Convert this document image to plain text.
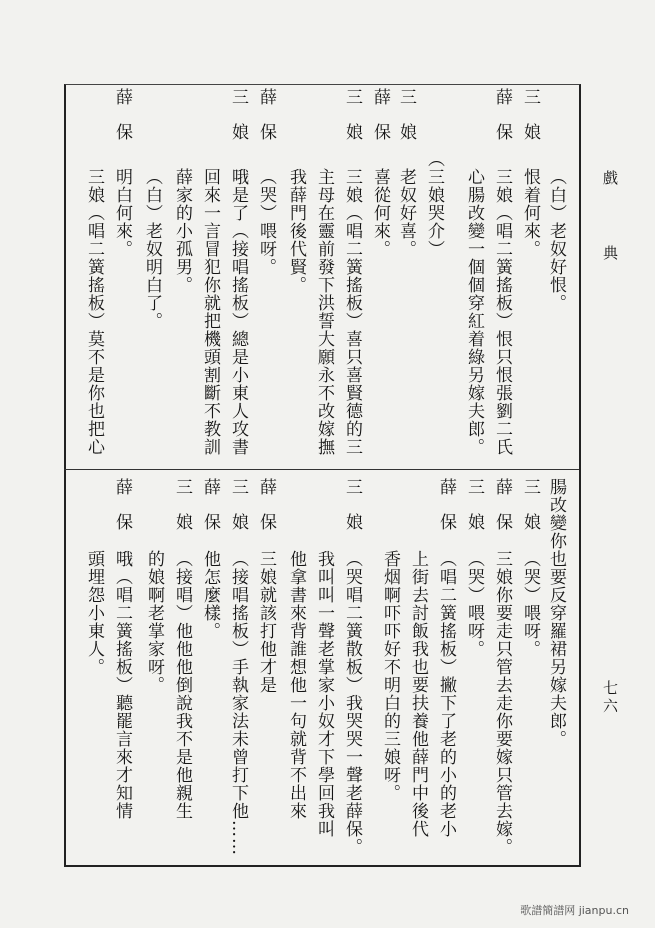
戲
典
七六
三娘
薛保
三娘
薛保
三娘
薛保
三娘
薛保
（白）老奴好恨。
恨着何來。
三娘（唱二簧搖板）恨只恨張劉二氏
心腸改變一個個穿紅着綠另嫁夫郎。
（三娘哭介）
老奴好喜。
喜從何來。
三娘（唱二簧搖板）喜只喜賢德的三
主母在靈前發下洪誓大願永不改嫁撫
我薛門後代賢。
（哭）喂呀。
哦是了（接唱搖板）總是小東人攻書
回來一言冒犯你就把機頭割斷不教訓
薛家的小孤男。
（白）老奴明白了。
明白何來。
三娘（唱二簧搖板）莫不是你也把心
三娘
薛保
三娘
薛保
三娘
薛保
三娘
薛保
三娘
薛保	腸改變你也要反穿羅裙另嫁夫郎。
（哭）喂呀。
三娘你要走只管去走你要嫁只管去嫁。
（哭）喂呀。
（唱二簧搖板）撇下了老的小的老小
上街去討飯我也要扶養他薛門中後代
香烟啊吓吓好不明白的三娘呀。
（哭唱二簧散板）我哭哭一聲老薛保。
我叫叫一聲老掌家小奴才下學回我叫
他拿書來背誰想他一句就背不出來
三娘就該打他才是
（接唱搖板）手執家法未曾打下他……
他怎麼樣。
（接唱）他他他倒說我不是他親生
的娘啊老掌家呀。
哦（唱二簧搖板）聽罷言來才知情
頭埋怨小東人。
歌譜簡譜网 jianpu.cn
